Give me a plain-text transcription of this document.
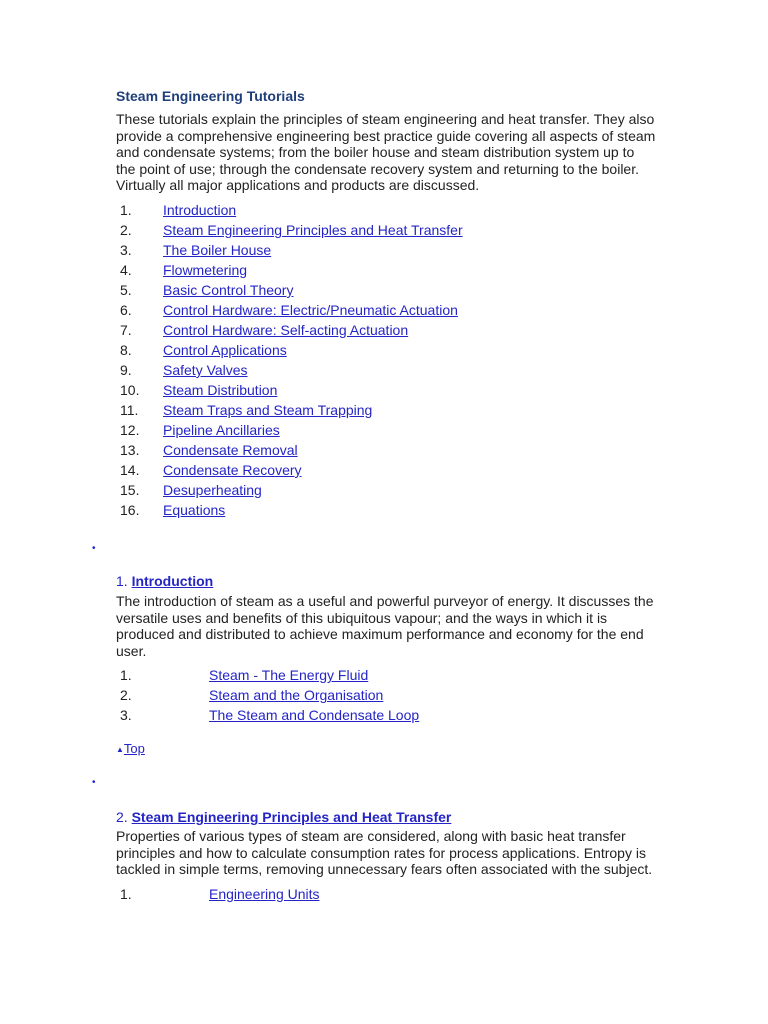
Steam Engineering Tutorials

These tutorials explain the principles of steam engineering and heat transfer. They also provide a comprehensive engineering best practice guide covering all aspects of steam and condensate systems; from the boiler house and steam distribution system up to the point of use; through the condensate recovery system and returning to the boiler. Virtually all major applications and products are discussed.

1. Introduction
2. Steam Engineering Principles and Heat Transfer
3. The Boiler House
4. Flowmetering
5. Basic Control Theory
6. Control Hardware: Electric/Pneumatic Actuation
7. Control Hardware: Self-acting Actuation
8. Control Applications
9. Safety Valves
10. Steam Distribution
11. Steam Traps and Steam Trapping
12. Pipeline Ancillaries
13. Condensate Removal
14. Condensate Recovery
15. Desuperheating
16. Equations
•
1. Introduction

The introduction of steam as a useful and powerful purveyor of energy. It discusses the versatile uses and benefits of this ubiquitous vapour; and the ways in which it is produced and distributed to achieve maximum performance and economy for the end user.

1.	Steam - The Energy Fluid
2.	Steam and the Organisation
3.	The Steam and Condensate Loop
▲Top
•
2. Steam Engineering Principles and Heat Transfer

Properties of various types of steam are considered, along with basic heat transfer principles and how to calculate consumption rates for process applications. Entropy is tackled in simple terms, removing unnecessary fears often associated with the subject.

1.	Engineering Units
